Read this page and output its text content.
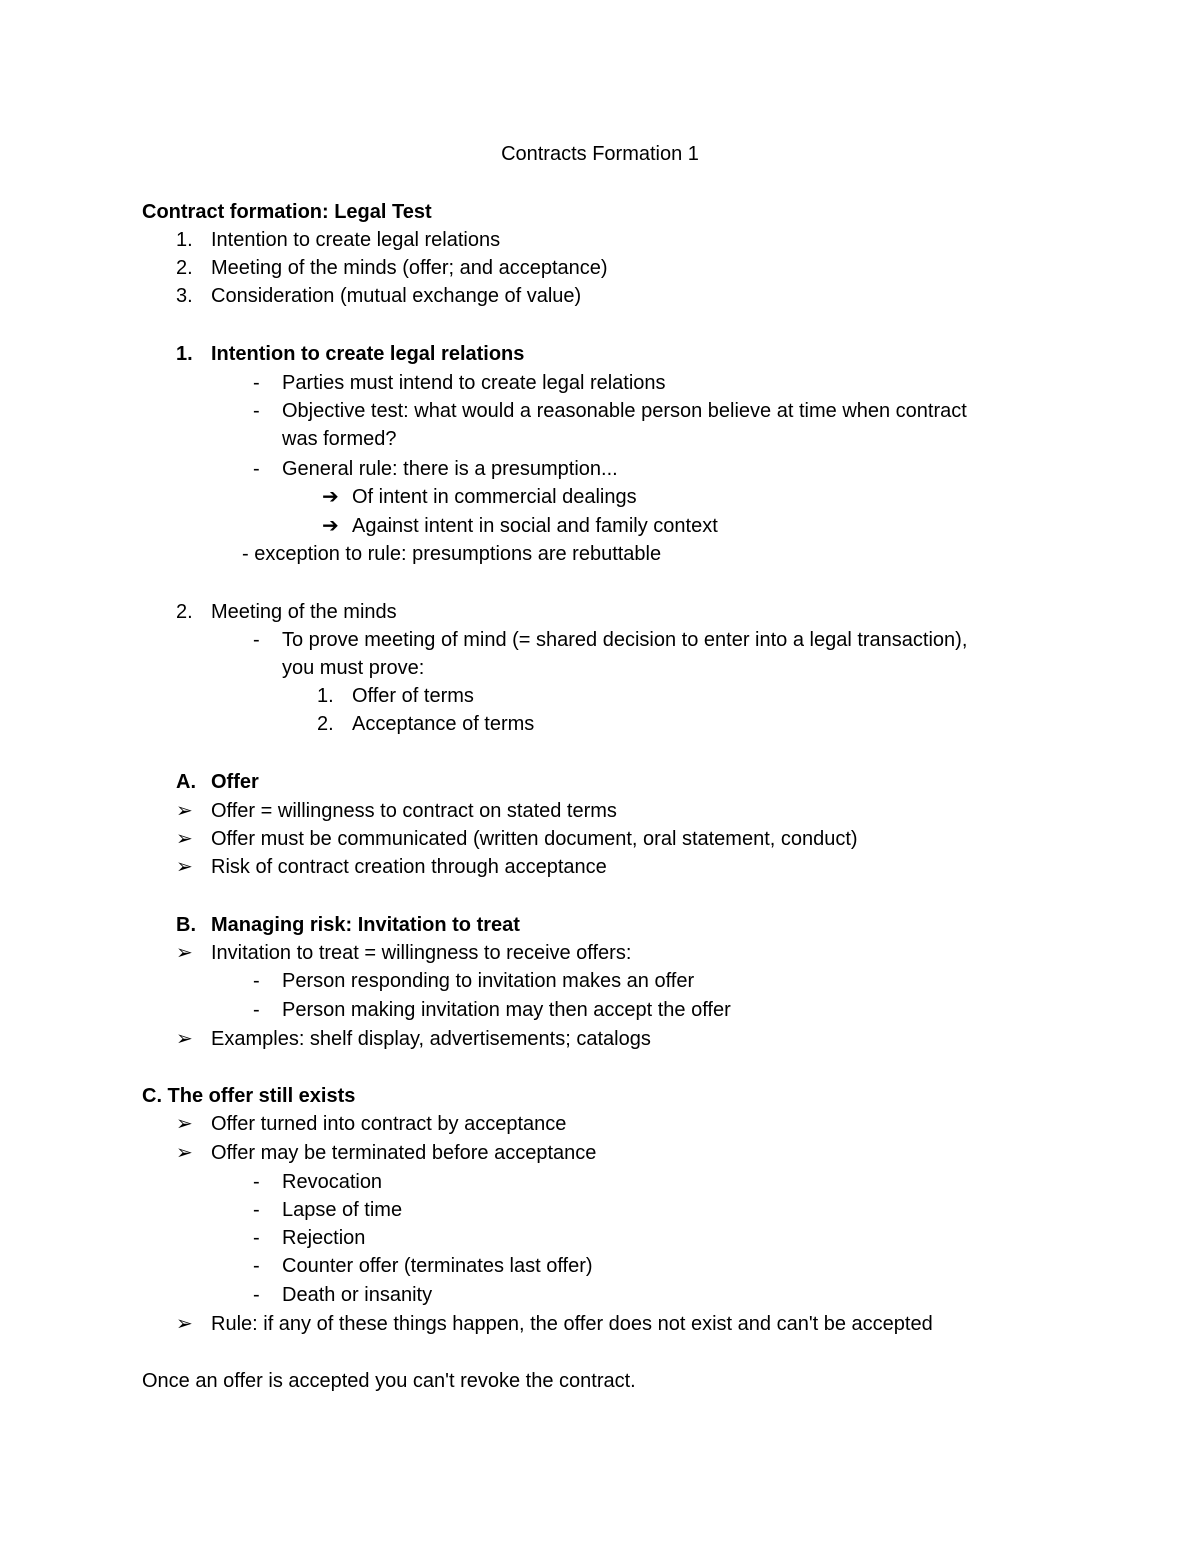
Contracts Formation 1
Contract formation: Legal Test
1. Intention to create legal relations
2. Meeting of the minds (offer; and acceptance)
3. Consideration (mutual exchange of value)
1. Intention to create legal relations
- Parties must intend to create legal relations
- Objective test: what would a reasonable person believe at time when contract
was formed?
- General rule: there is a presumption...
➔ Of intent in commercial dealings
➔ Against intent in social and family context
- exception to rule: presumptions are rebuttable
2. Meeting of the minds
- To prove meeting of mind (= shared decision to enter into a legal transaction),
you must prove:
1. Offer of terms
2. Acceptance of terms
A. Offer
➢ Offer = willingness to contract on stated terms
➢ Offer must be communicated (written document, oral statement, conduct)
➢ Risk of contract creation through acceptance
B. Managing risk: Invitation to treat
➢ Invitation to treat = willingness to receive offers:
- Person responding to invitation makes an offer
- Person making invitation may then accept the offer
➢ Examples: shelf display, advertisements; catalogs
C. The offer still exists
➢ Offer turned into contract by acceptance
➢ Offer may be terminated before acceptance
- Revocation
- Lapse of time
- Rejection
- Counter offer (terminates last offer)
- Death or insanity
➢ Rule: if any of these things happen, the offer does not exist and can't be accepted
Once an offer is accepted you can't revoke the contract.
